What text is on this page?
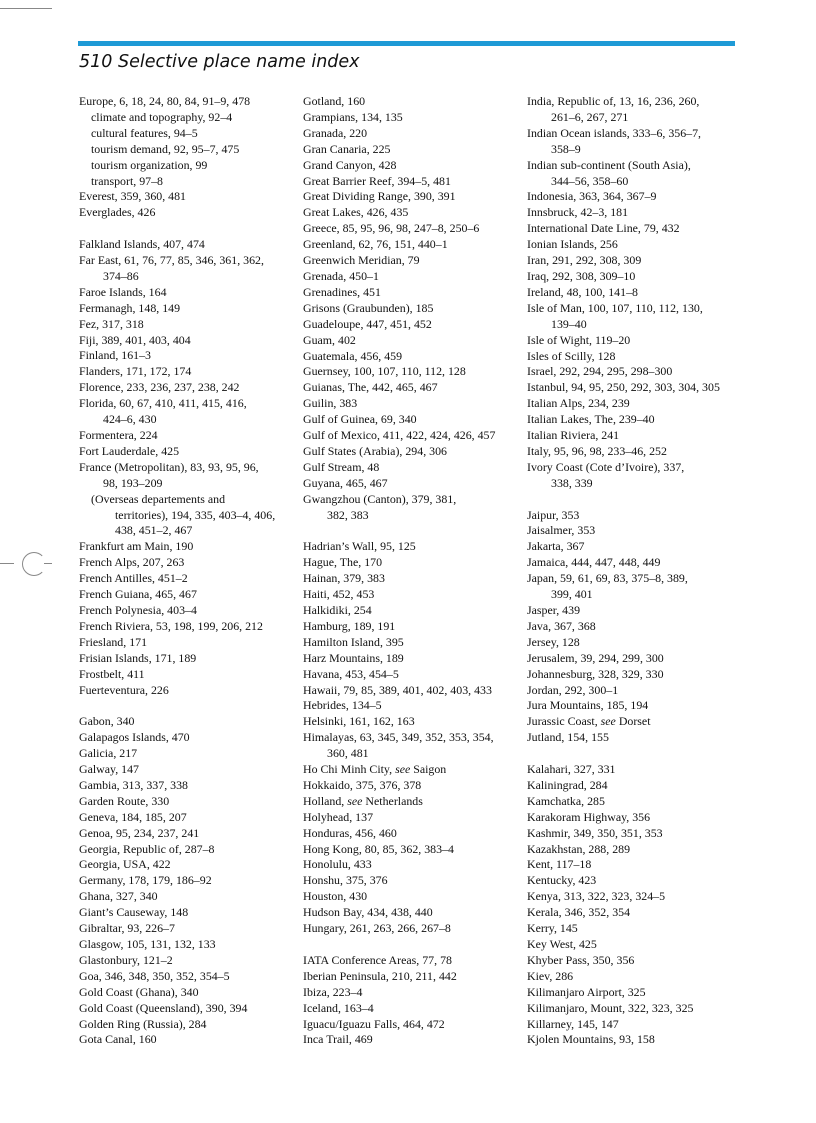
510 Selective place name index
Europe, 6, 18, 24, 80, 84, 91–9, 478
climate and topography, 92–4
cultural features, 94–5
tourism demand, 92, 95–7, 475
tourism organization, 99
transport, 97–8
Everest, 359, 360, 481
Everglades, 426
Falkland Islands, 407, 474
Far East, 61, 76, 77, 85, 346, 361, 362,
374–86
Faroe Islands, 164
Fermanagh, 148, 149
Fez, 317, 318
Fiji, 389, 401, 403, 404
Finland, 161–3
Flanders, 171, 172, 174
Florence, 233, 236, 237, 238, 242
Florida, 60, 67, 410, 411, 415, 416,
424–6, 430
Formentera, 224
Fort Lauderdale, 425
France (Metropolitan), 83, 93, 95, 96,
98, 193–209
(Overseas departements and
territories), 194, 335, 403–4, 406,
438, 451–2, 467
Frankfurt am Main, 190
French Alps, 207, 263
French Antilles, 451–2
French Guiana, 465, 467
French Polynesia, 403–4
French Riviera, 53, 198, 199, 206, 212
Friesland, 171
Frisian Islands, 171, 189
Frostbelt, 411
Fuerteventura, 226
Gabon, 340
Galapagos Islands, 470
Galicia, 217
Galway, 147
Gambia, 313, 337, 338
Garden Route, 330
Geneva, 184, 185, 207
Genoa, 95, 234, 237, 241
Georgia, Republic of, 287–8
Georgia, USA, 422
Germany, 178, 179, 186–92
Ghana, 327, 340
Giant’s Causeway, 148
Gibraltar, 93, 226–7
Glasgow, 105, 131, 132, 133
Glastonbury, 121–2
Goa, 346, 348, 350, 352, 354–5
Gold Coast (Ghana), 340
Gold Coast (Queensland), 390, 394
Golden Ring (Russia), 284
Gota Canal, 160
Gotland, 160
Grampians, 134, 135
Granada, 220
Gran Canaria, 225
Grand Canyon, 428
Great Barrier Reef, 394–5, 481
Great Dividing Range, 390, 391
Great Lakes, 426, 435
Greece, 85, 95, 96, 98, 247–8, 250–6
Greenland, 62, 76, 151, 440–1
Greenwich Meridian, 79
Grenada, 450–1
Grenadines, 451
Grisons (Graubunden), 185
Guadeloupe, 447, 451, 452
Guam, 402
Guatemala, 456, 459
Guernsey, 100, 107, 110, 112, 128
Guianas, The, 442, 465, 467
Guilin, 383
Gulf of Guinea, 69, 340
Gulf of Mexico, 411, 422, 424, 426, 457
Gulf States (Arabia), 294, 306
Gulf Stream, 48
Guyana, 465, 467
Gwangzhou (Canton), 379, 381,
382, 383
Hadrian’s Wall, 95, 125
Hague, The, 170
Hainan, 379, 383
Haiti, 452, 453
Halkidiki, 254
Hamburg, 189, 191
Hamilton Island, 395
Harz Mountains, 189
Havana, 453, 454–5
Hawaii, 79, 85, 389, 401, 402, 403, 433
Hebrides, 134–5
Helsinki, 161, 162, 163
Himalayas, 63, 345, 349, 352, 353, 354,
360, 481
Ho Chi Minh City, see Saigon
Hokkaido, 375, 376, 378
Holland, see Netherlands
Holyhead, 137
Honduras, 456, 460
Hong Kong, 80, 85, 362, 383–4
Honolulu, 433
Honshu, 375, 376
Houston, 430
Hudson Bay, 434, 438, 440
Hungary, 261, 263, 266, 267–8
IATA Conference Areas, 77, 78
Iberian Peninsula, 210, 211, 442
Ibiza, 223–4
Iceland, 163–4
Iguacu/Iguazu Falls, 464, 472
Inca Trail, 469
India, Republic of, 13, 16, 236, 260,
261–6, 267, 271
Indian Ocean islands, 333–6, 356–7,
358–9
Indian sub-continent (South Asia),
344–56, 358–60
Indonesia, 363, 364, 367–9
Innsbruck, 42–3, 181
International Date Line, 79, 432
Ionian Islands, 256
Iran, 291, 292, 308, 309
Iraq, 292, 308, 309–10
Ireland, 48, 100, 141–8
Isle of Man, 100, 107, 110, 112, 130,
139–40
Isle of Wight, 119–20
Isles of Scilly, 128
Israel, 292, 294, 295, 298–300
Istanbul, 94, 95, 250, 292, 303, 304, 305
Italian Alps, 234, 239
Italian Lakes, The, 239–40
Italian Riviera, 241
Italy, 95, 96, 98, 233–46, 252
Ivory Coast (Cote d’Ivoire), 337,
338, 339
Jaipur, 353
Jaisalmer, 353
Jakarta, 367
Jamaica, 444, 447, 448, 449
Japan, 59, 61, 69, 83, 375–8, 389,
399, 401
Jasper, 439
Java, 367, 368
Jersey, 128
Jerusalem, 39, 294, 299, 300
Johannesburg, 328, 329, 330
Jordan, 292, 300–1
Jura Mountains, 185, 194
Jurassic Coast, see Dorset
Jutland, 154, 155
Kalahari, 327, 331
Kaliningrad, 284
Kamchatka, 285
Karakoram Highway, 356
Kashmir, 349, 350, 351, 353
Kazakhstan, 288, 289
Kent, 117–18
Kentucky, 423
Kenya, 313, 322, 323, 324–5
Kerala, 346, 352, 354
Kerry, 145
Key West, 425
Khyber Pass, 350, 356
Kiev, 286
Kilimanjaro Airport, 325
Kilimanjaro, Mount, 322, 323, 325
Killarney, 145, 147
Kjolen Mountains, 93, 158
